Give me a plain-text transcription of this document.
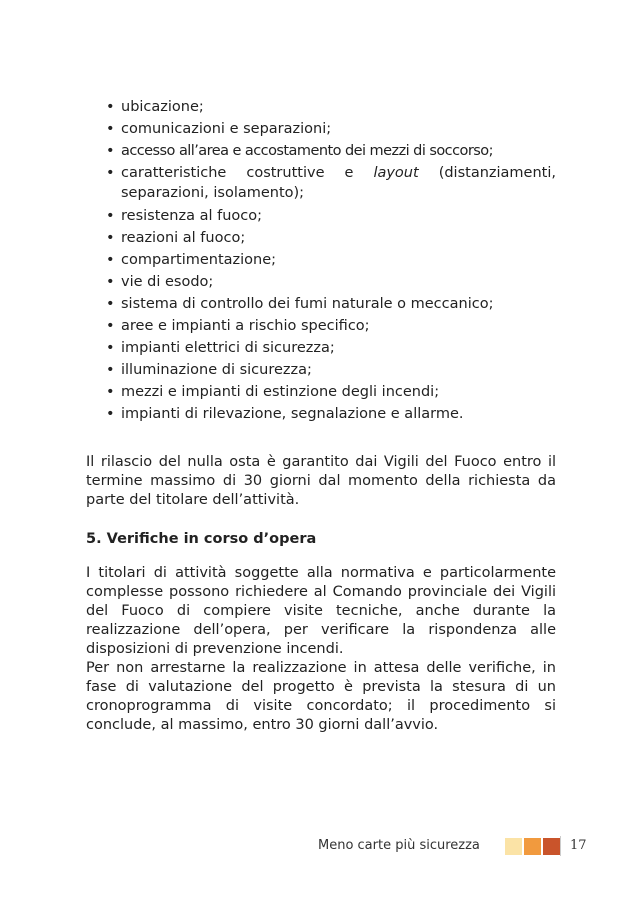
• ubicazione;
• comunicazioni e separazioni;
• accesso all’area e accostamento dei mezzi di soccorso;
• caratteristiche costruttive e layout (distanziamenti, separazioni, isolamento);
• resistenza al fuoco;
• reazioni al fuoco;
• compartimentazione;
• vie di esodo;
• sistema di controllo dei fumi naturale o meccanico;
• aree e impianti a rischio specifico;
• impianti elettrici di sicurezza;
• illuminazione di sicurezza;
• mezzi e impianti di estinzione degli incendi;
• impianti di rilevazione, segnalazione e allarme.

Il rilascio del nulla osta è garantito dai Vigili del Fuoco entro il termine massimo di 30 giorni dal momento della richiesta da parte del titolare dell’attività.

5. Verifiche in corso d’opera

I titolari di attività soggette alla normativa e particolarmente complesse possono richiedere al Comando provinciale dei Vigili del Fuoco di compiere visite tecniche, anche durante la realizzazione dell’opera, per verificare la rispondenza alle disposizioni di prevenzione incendi.

Per non arrestarne la realizzazione in attesa delle verifiche, in fase di valutazione del progetto è prevista la stesura di un cronoprogramma di visite concordato; il procedimento si conclude, al massimo, entro 30 giorni dall’avvio.

Meno carte più sicurezza	17
